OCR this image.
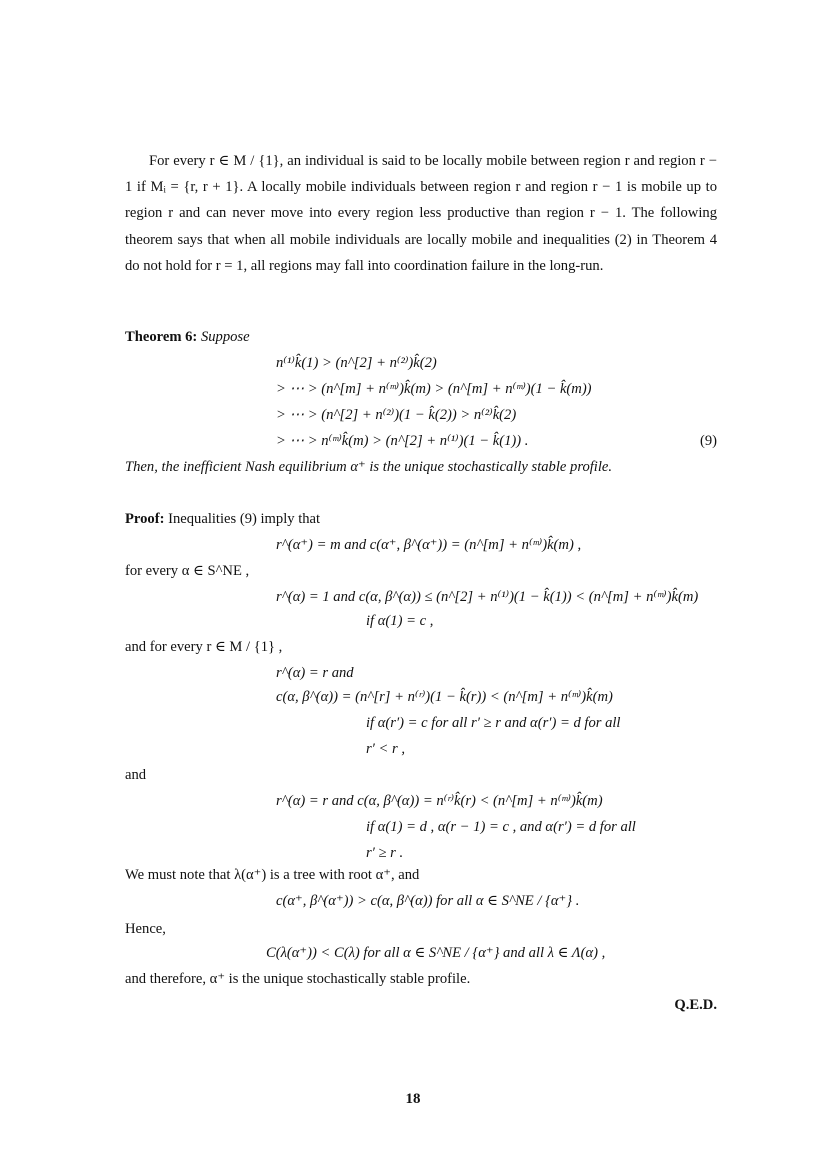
For every r ∈ M / {1}, an individual is said to be locally mobile between region r and region r − 1 if Mᵢ = {r, r + 1}. A locally mobile individuals between region r and region r − 1 is mobile up to region r and can never move into every region less productive than region r − 1. The following theorem says that when all mobile individuals are locally mobile and inequalities (2) in Theorem 4 do not hold for r = 1, all regions may fall into coordination failure in the long-run.
Theorem 6: Suppose
n⁽¹⁾k̂(1) > (n^[2] + n⁽²⁾)k̂(2)
> ⋯ > (n^[m] + n⁽ᵐ⁾)k̂(m) > (n^[m] + n⁽ᵐ⁾)(1 − k̂(m))
> ⋯ > (n^[2] + n⁽²⁾)(1 − k̂(2)) > n⁽²⁾k̂(2)
> ⋯ > n⁽ᵐ⁾k̂(m) > (n^[2] + n⁽¹⁾)(1 − k̂(1)) .	(9)
Then, the inefficient Nash equilibrium α⁺ is the unique stochastically stable profile.
Proof: Inequalities (9) imply that
r^(α⁺) = m and c(α⁺, β^(α⁺)) = (n^[m] + n⁽ᵐ⁾)k̂(m) ,
for every α ∈ S^NE ,
r^(α) = 1 and c(α, β^(α)) ≤ (n^[2] + n⁽¹⁾)(1 − k̂(1)) < (n^[m] + n⁽ᵐ⁾)k̂(m)
if α(1) = c ,
and for every r ∈ M / {1} ,
r^(α) = r and
c(α, β^(α)) = (n^[r] + n⁽ʳ⁾)(1 − k̂(r)) < (n^[m] + n⁽ᵐ⁾)k̂(m)
if α(r′) = c for all r′ ≥ r and α(r′) = d for all
r′ < r ,
and
r^(α) = r and c(α, β^(α)) = n⁽ʳ⁾k̂(r) < (n^[m] + n⁽ᵐ⁾)k̂(m)
if α(1) = d , α(r − 1) = c , and α(r′) = d for all
r′ ≥ r .
We must note that λ(α⁺) is a tree with root α⁺, and
c(α⁺, β^(α⁺)) > c(α, β^(α)) for all α ∈ S^NE / {α⁺} .
Hence,
C(λ(α⁺)) < C(λ) for all α ∈ S^NE / {α⁺} and all λ ∈ Λ(α) ,
and therefore, α⁺ is the unique stochastically stable profile.
Q.E.D.
18
